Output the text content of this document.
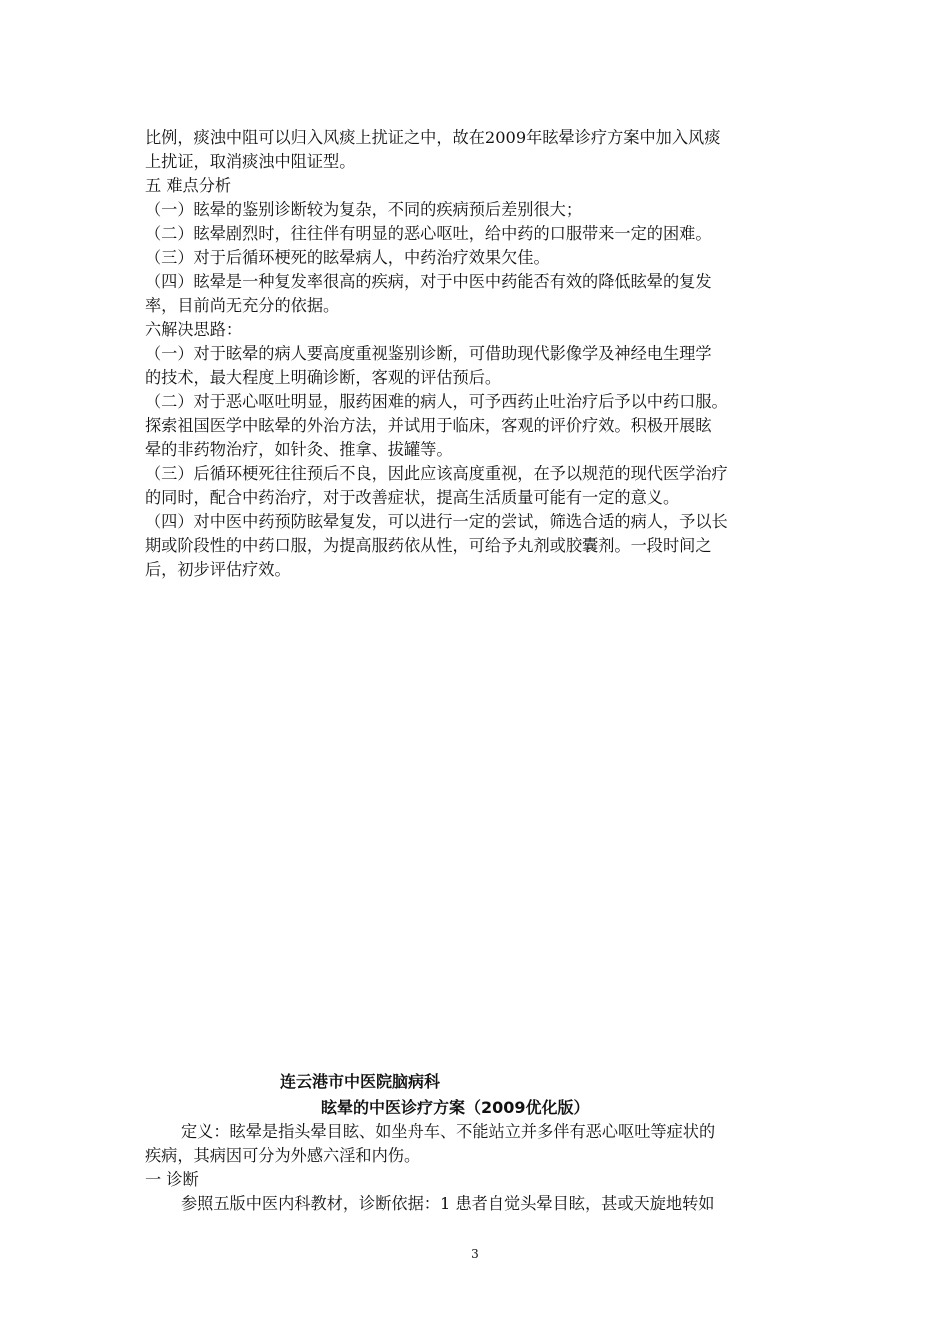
比例，痰浊中阻可以归入风痰上扰证之中，故在2009年眩晕诊疗方案中加入风痰
上扰证，取消痰浊中阻证型。
五 难点分析
（一）眩晕的鉴别诊断较为复杂，不同的疾病预后差别很大；
（二）眩晕剧烈时，往往伴有明显的恶心呕吐，给中药的口服带来一定的困难。
（三）对于后循环梗死的眩晕病人，中药治疗效果欠佳。
（四）眩晕是一种复发率很高的疾病，对于中医中药能否有效的降低眩晕的复发
率，目前尚无充分的依据。
六解决思路：
（一）对于眩晕的病人要高度重视鉴别诊断，可借助现代影像学及神经电生理学
的技术，最大程度上明确诊断，客观的评估预后。
（二）对于恶心呕吐明显，服药困难的病人，可予西药止吐治疗后予以中药口服。
探索祖国医学中眩晕的外治方法，并试用于临床，客观的评价疗效。积极开展眩
晕的非药物治疗，如针灸、推拿、拔罐等。
（三）后循环梗死往往预后不良，因此应该高度重视，在予以规范的现代医学治疗
的同时，配合中药治疗，对于改善症状，提高生活质量可能有一定的意义。
（四）对中医中药预防眩晕复发，可以进行一定的尝试，筛选合适的病人，予以长
期或阶段性的中药口服，为提高服药依从性，可给予丸剂或胶囊剂。一段时间之
后，初步评估疗效。
连云港市中医院脑病科
眩晕的中医诊疗方案（2009优化版）
定义：眩晕是指头晕目眩、如坐舟车、不能站立并多伴有恶心呕吐等症状的
疾病，其病因可分为外感六淫和内伤。
一 诊断
参照五版中医内科教材，诊断依据：1 患者自觉头晕目眩，甚或天旋地转如
3
